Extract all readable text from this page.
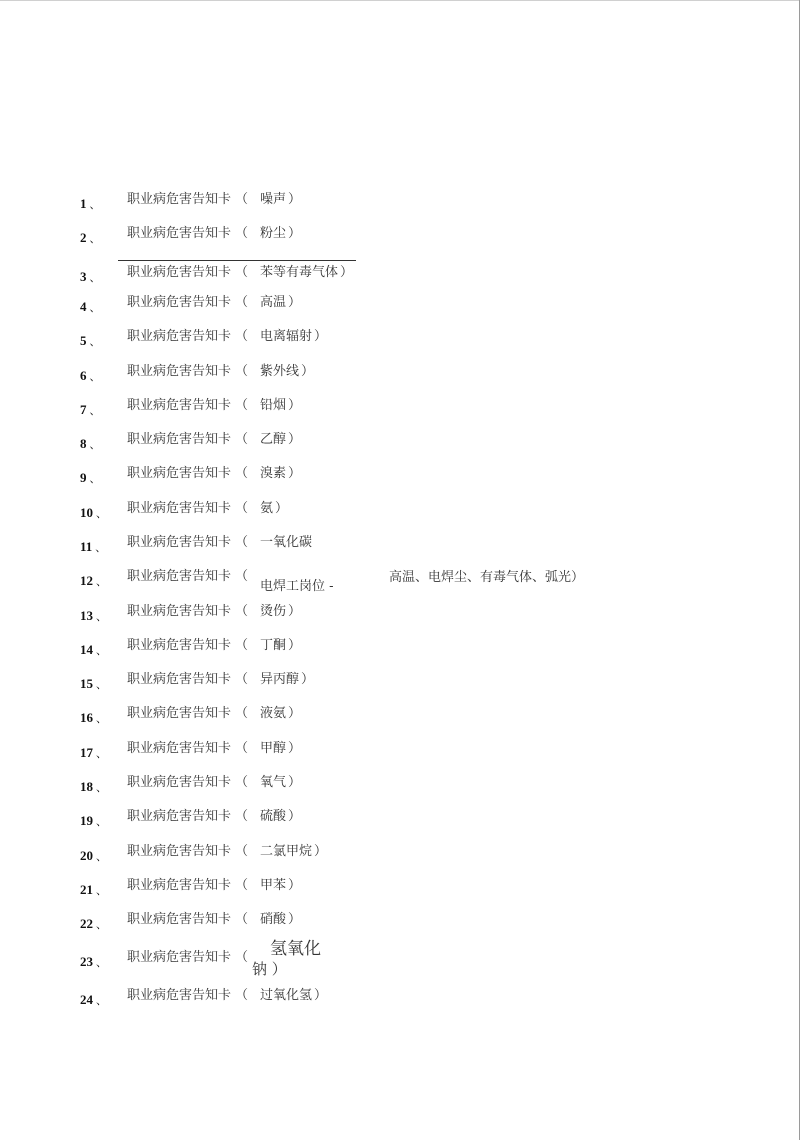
1 、 职业病危害告知卡 （ 噪声 ）
2 、 职业病危害告知卡 （ 粉尘 ）
3 、 职业病危害告知卡 （ 苯等有毒气体 ）
4 、 职业病危害告知卡 （ 高温 ）
5 、 职业病危害告知卡 （ 电离辐射 ）
6 、 职业病危害告知卡 （ 紫外线 ）
7 、 职业病危害告知卡 （ 铅烟 ）
8 、 职业病危害告知卡 （ 乙醇 ）
9 、 职业病危害告知卡 （ 溴素 ）
10 、 职业病危害告知卡 （ 氨 ）
11 、 职业病危害告知卡 （ 一氧化碳
12 、 职业病危害告知卡 （
电焊工岗位 -
高温、电焊尘、有毒气体、弧光）
13 、 职业病危害告知卡 （ 烫伤 ）
14 、 职业病危害告知卡 （ 丁酮 ）
15 、 职业病危害告知卡 （ 异丙醇 ）
16 、 职业病危害告知卡 （ 液氨 ）
17 、 职业病危害告知卡 （ 甲醇 ）
18 、 职业病危害告知卡 （ 氧气 ）
19 、 职业病危害告知卡 （ 硫酸 ）
20 、 职业病危害告知卡 （ 二氯甲烷 ）
21 、 职业病危害告知卡 （ 甲苯 ）
22 、 职业病危害告知卡 （ 硝酸 ）
23 、 职业病危害告知卡 （ 氢氧化
钠 ）
24 、 职业病危害告知卡 （ 过氧化氢 ）
